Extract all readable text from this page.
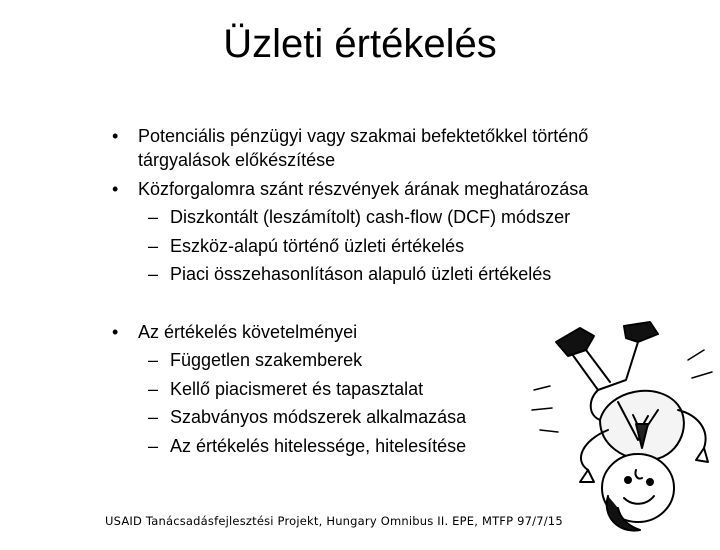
Üzleti értékelés
• Potenciális pénzügyi vagy szakmai befektetőkkel történő
tárgyalások előkészítése
• Közforgalomra szánt részvények árának meghatározása
– Diszkontált (leszámítolt) cash-flow (DCF) módszer
– Eszköz-alapú történő üzleti értékelés
– Piaci összehasonlításon alapuló üzleti értékelés
• Az értékelés követelményei
– Független szakemberek
– Kellő piacismeret és tapasztalat
– Szabványos módszerek alkalmazása
– Az értékelés hitelessége, hitelesítése
USAID Tanácsadásfejlesztési Projekt, Hungary Omnibus II. EPE, MTFP 97/7/15
